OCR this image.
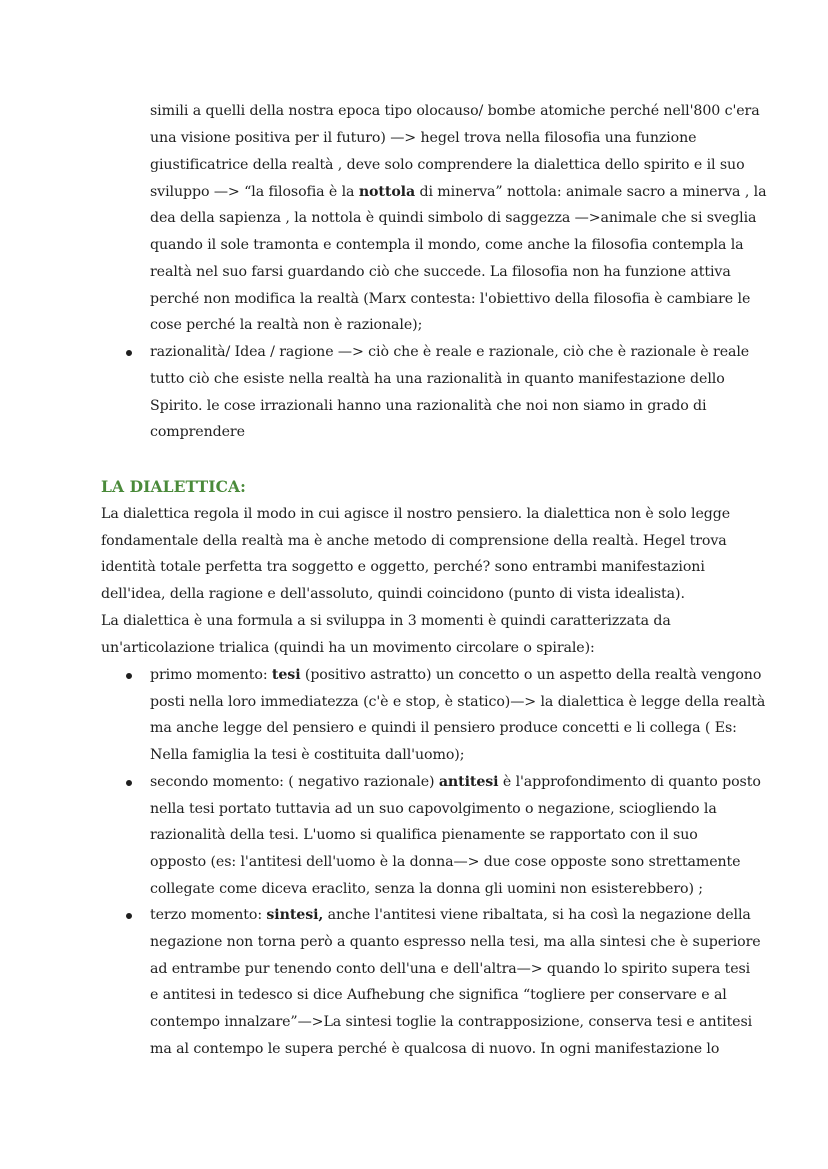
simili a quelli della nostra epoca tipo olocauso/ bombe atomiche perché nell'800 c'era
una visione positiva per il futuro) —> hegel trova nella filosofia una funzione
giustificatrice della realtà , deve solo comprendere la dialettica dello spirito e il suo
sviluppo —> “la filosofia è la nottola di minerva” nottola: animale sacro a minerva , la
dea della sapienza , la nottola è quindi simbolo di saggezza —>animale che si sveglia
quando il sole tramonta e contempla il mondo, come anche la filosofia contempla la
realtà nel suo farsi guardando ciò che succede. La filosofia non ha funzione attiva
perché non modifica la realtà (Marx contesta: l'obiettivo della filosofia è cambiare le
cose perché la realtà non è razionale);
razionalità/ Idea / ragione —> ciò che è reale e razionale, ciò che è razionale è reale
tutto ciò che esiste nella realtà ha una razionalità in quanto manifestazione dello
Spirito. le cose irrazionali hanno una razionalità che noi non siamo in grado di
comprendere
LA DIALETTICA:
La dialettica regola il modo in cui agisce il nostro pensiero. la dialettica non è solo legge
fondamentale della realtà ma è anche metodo di comprensione della realtà. Hegel trova
identità totale perfetta tra soggetto e oggetto, perché? sono entrambi manifestazioni
dell'idea, della ragione e dell'assoluto, quindi coincidono (punto di vista idealista).
La dialettica è una formula a si sviluppa in 3 momenti è quindi caratterizzata da
un'articolazione trialica (quindi ha un movimento circolare o spirale):
primo momento: tesi (positivo astratto) un concetto o un aspetto della realtà vengono
posti nella loro immediatezza (c'è e stop, è statico)—> la dialettica è legge della realtà
ma anche legge del pensiero e quindi il pensiero produce concetti e li collega ( Es:
Nella famiglia la tesi è costituita dall'uomo);
secondo momento: ( negativo razionale) antitesi è l'approfondimento di quanto posto
nella tesi portato tuttavia ad un suo capovolgimento o negazione, sciogliendo la
razionalità della tesi. L'uomo si qualifica pienamente se rapportato con il suo
opposto (es: l'antitesi dell'uomo è la donna—> due cose opposte sono strettamente
collegate come diceva eraclito, senza la donna gli uomini non esisterebbero) ;
terzo momento: sintesi, anche l'antitesi viene ribaltata, si ha così la negazione della
negazione non torna però a quanto espresso nella tesi, ma alla sintesi che è superiore
ad entrambe pur tenendo conto dell'una e dell'altra—> quando lo spirito supera tesi
e antitesi in tedesco si dice Aufhebung che significa “togliere per conservare e al
contempo innalzare”—>La sintesi toglie la contrapposizione, conserva tesi e antitesi
ma al contempo le supera perché è qualcosa di nuovo. In ogni manifestazione lo
